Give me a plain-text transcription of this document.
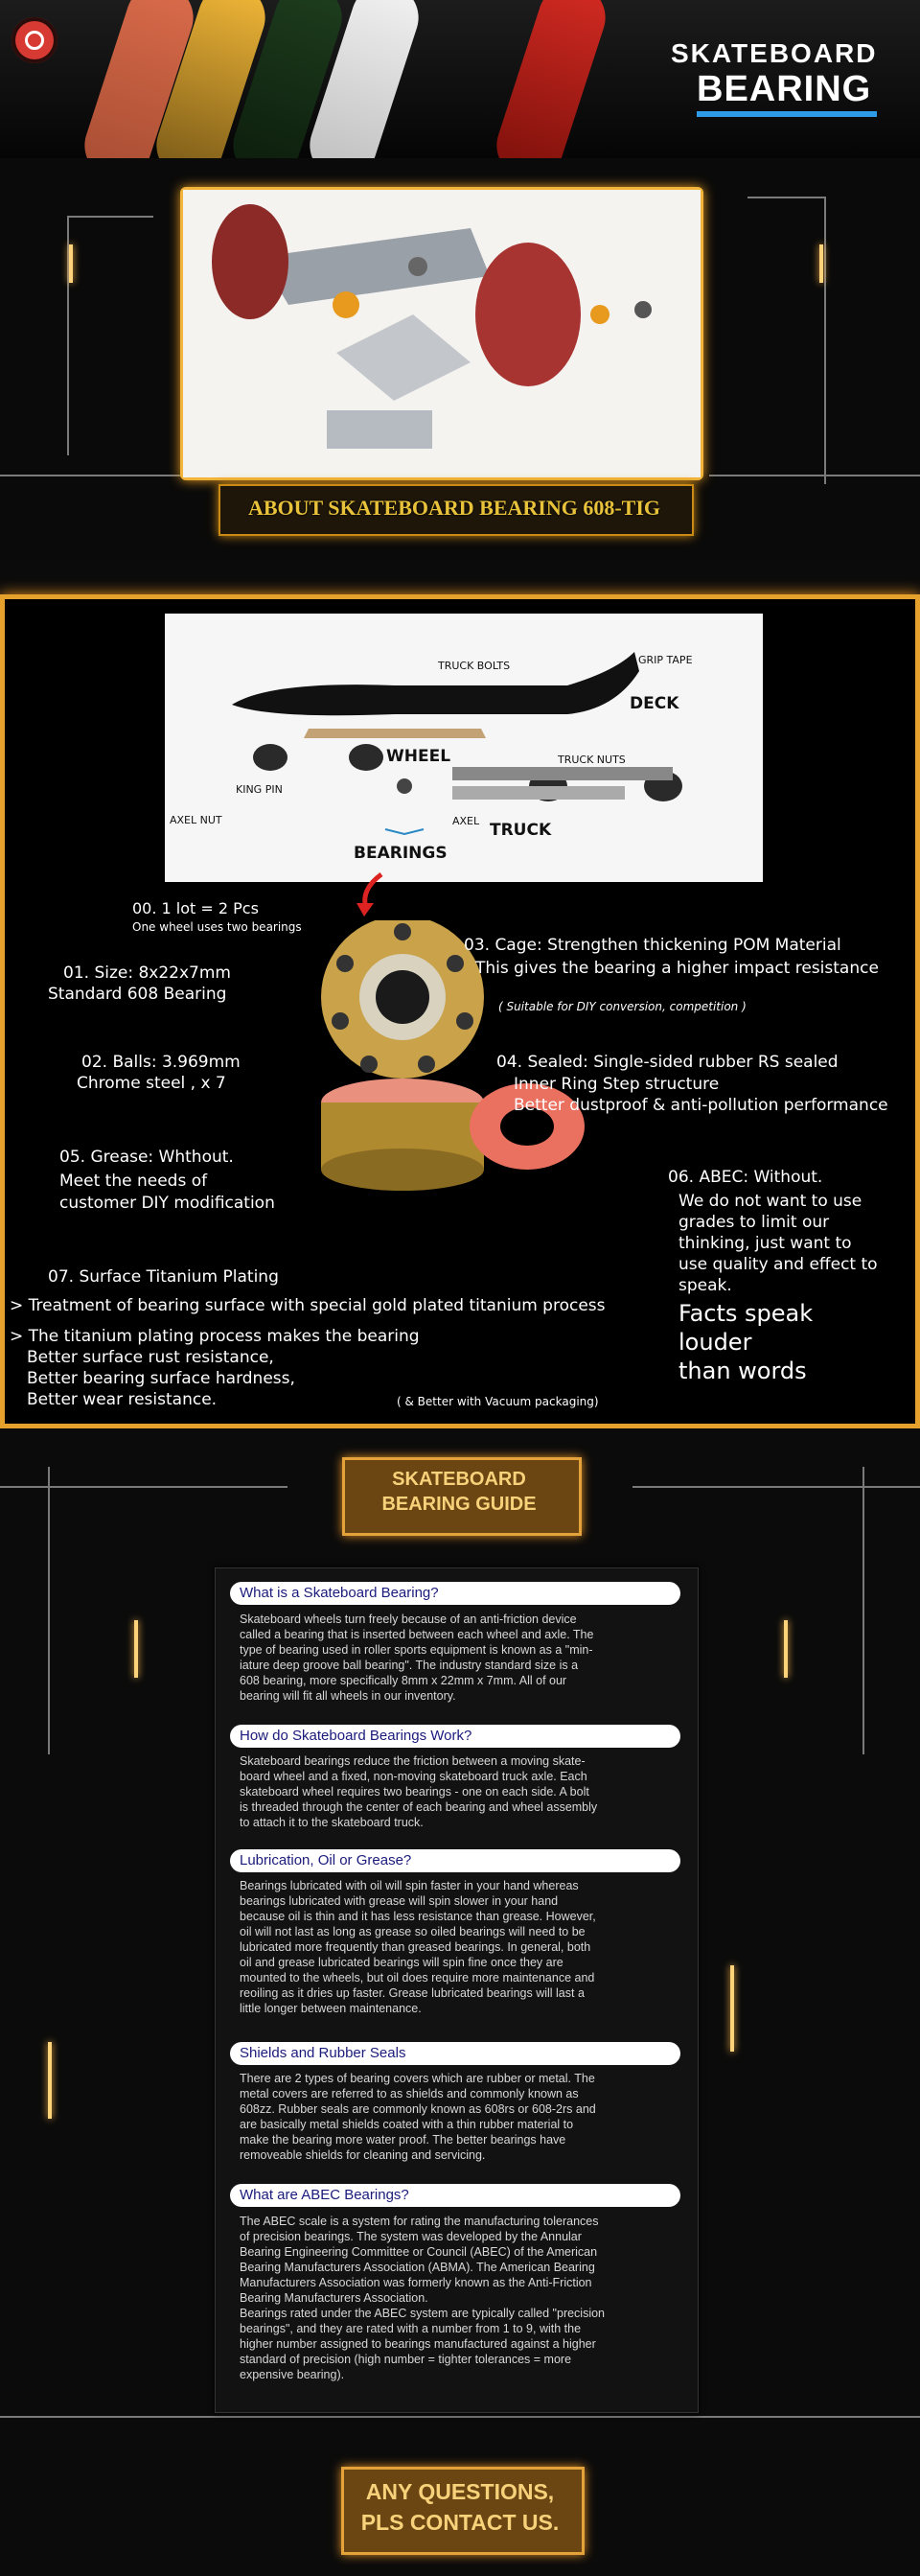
SKATEBOARD
BEARING
ABOUT SKATEBOARD BEARING 608-TIG
GRIP TAPE
TRUCK BOLTS
DECK
TRUCK NUTS
WHEEL
KING PIN
AXEL NUT	AXEL TRUCK
BEARINGS
00. 1 lot = 2 Pcs
One wheel uses two bearings
01. Size: 8x22x7mm
Standard 608 Bearing
02. Balls: 3.969mm
Chrome steel , x 7
03. Cage: Strengthen thickening POM Material
This gives the bearing a higher impact resistance
( Suitable for DIY conversion, competition )
04. Sealed: Single-sided rubber RS sealed
Inner Ring Step structure
Better dustproof & anti-pollution performance
05. Grease: Whthout.
Meet the needs of
customer DIY modification
06. ABEC: Without.
We do not want to use
grades to limit our
thinking, just want to
use quality and effect to
speak.
Facts speak
louder
than words
07. Surface Titanium Plating
> Treatment of bearing surface with special gold plated titanium process
> The titanium plating process makes the bearing
Better surface rust resistance,
Better bearing surface hardness,
Better wear resistance.	( & Better with Vacuum packaging)
SKATEBOARD
BEARING GUIDE
What is a Skateboard Bearing?
Skateboard wheels turn freely because of an anti-friction device
called a bearing that is inserted between each wheel and axle. The
type of bearing used in roller sports equipment is known as a "min-
iature deep groove ball bearing". The industry standard size is a
608 bearing, more specifically 8mm x 22mm x 7mm. All of our
bearing will fit all wheels in our inventory.
How do Skateboard Bearings Work?
Skateboard bearings reduce the friction between a moving skate-
board wheel and a fixed, non-moving skateboard truck axle. Each
skateboard wheel requires two bearings - one on each side. A bolt
is threaded through the center of each bearing and wheel assembly
to attach it to the skateboard truck.
Lubrication, Oil or Grease?
Bearings lubricated with oil will spin faster in your hand whereas
bearings lubricated with grease will spin slower in your hand
because oil is thin and it has less resistance than grease. However,
oil will not last as long as grease so oiled bearings will need to be
lubricated more frequently than greased bearings. In general, both
oil and grease lubricated bearings will spin fine once they are
mounted to the wheels, but oil does require more maintenance and
reoiling as it dries up faster. Grease lubricated bearings will last a
little longer between maintenance.
Shields and Rubber Seals
There are 2 types of bearing covers which are rubber or metal. The
metal covers are referred to as shields and commonly known as
608zz. Rubber seals are commonly known as 608rs or 608-2rs and
are basically metal shields coated with a thin rubber material to
make the bearing more water proof. The better bearings have
removeable shields for cleaning and servicing.
What are ABEC Bearings?
The ABEC scale is a system for rating the manufacturing tolerances
of precision bearings. The system was developed by the Annular
Bearing Engineering Committee or Council (ABEC) of the American
Bearing Manufacturers Association (ABMA). The American Bearing
Manufacturers Association was formerly known as the Anti-Friction
Bearing Manufacturers Association.
Bearings rated under the ABEC system are typically called "precision
bearings", and they are rated with a number from 1 to 9, with the
higher number assigned to bearings manufactured against a higher
standard of precision (high number = tighter tolerances = more
expensive bearing).
ANY QUESTIONS,
PLS CONTACT US.
